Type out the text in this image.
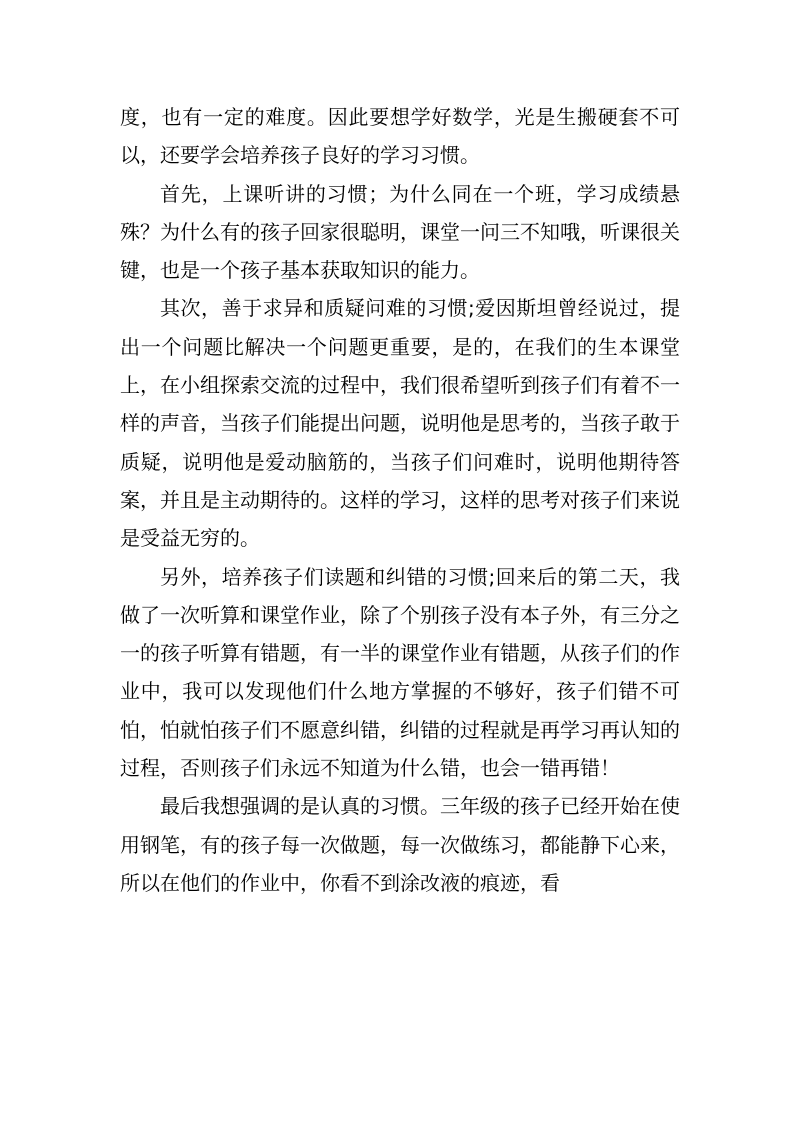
度，也有一定的难度。因此要想学好数学，光是生搬硬套不可以，还要学会培养孩子良好的学习习惯。

首先，上课听讲的习惯；为什么同在一个班，学习成绩悬殊？为什么有的孩子回家很聪明，课堂一问三不知哦，听课很关键，也是一个孩子基本获取知识的能力。

其次，善于求异和质疑问难的习惯;爱因斯坦曾经说过，提出一个问题比解决一个问题更重要，是的，在我们的生本课堂上，在小组探索交流的过程中，我们很希望听到孩子们有着不一样的声音，当孩子们能提出问题，说明他是思考的，当孩子敢于质疑，说明他是爱动脑筋的，当孩子们问难时，说明他期待答案，并且是主动期待的。这样的学习，这样的思考对孩子们来说是受益无穷的。

另外，培养孩子们读题和纠错的习惯;回来后的第二天，我做了一次听算和课堂作业，除了个别孩子没有本子外，有三分之一的孩子听算有错题，有一半的课堂作业有错题，从孩子们的作业中，我可以发现他们什么地方掌握的不够好，孩子们错不可怕，怕就怕孩子们不愿意纠错，纠错的过程就是再学习再认知的过程，否则孩子们永远不知道为什么错，也会一错再错！

最后我想强调的是认真的习惯。三年级的孩子已经开始在使用钢笔，有的孩子每一次做题，每一次做练习，都能静下心来，所以在他们的作业中，你看不到涂改液的痕迹，看
